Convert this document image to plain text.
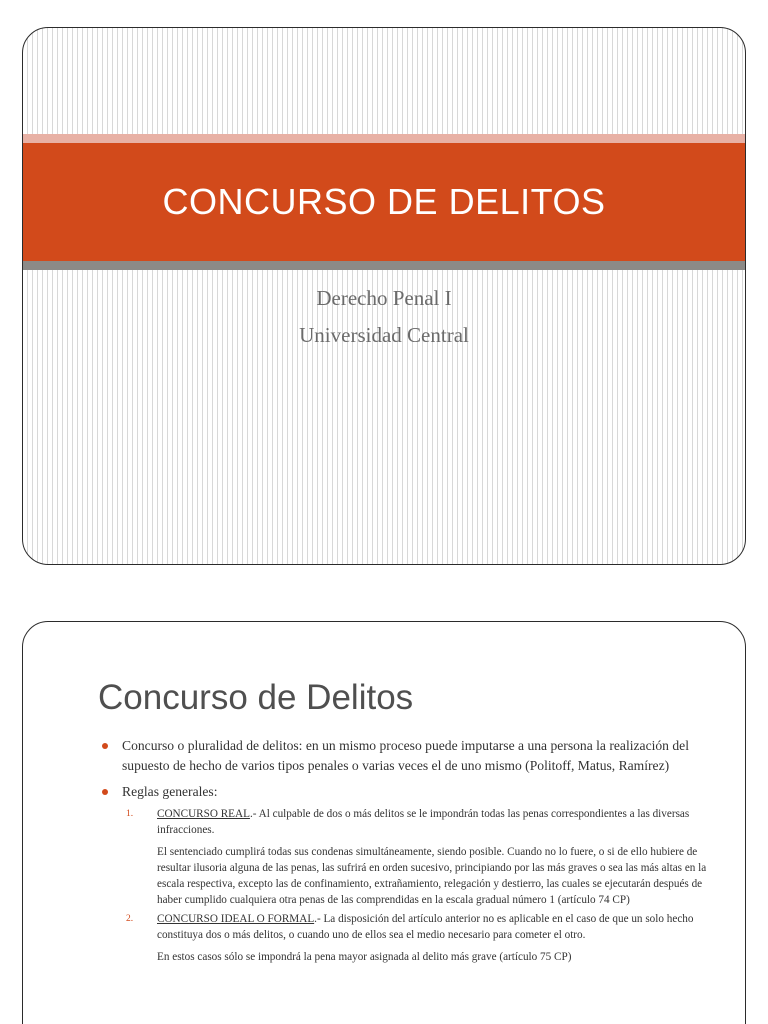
CONCURSO DE DELITOS
Derecho Penal I
Universidad Central
Concurso de Delitos
Concurso o pluralidad de delitos: en un mismo proceso puede imputarse a una persona la realización del supuesto de hecho de varios tipos penales o varias veces el de uno mismo (Politoff, Matus, Ramírez)
Reglas generales:
1. CONCURSO REAL.- Al culpable de dos o más delitos se le impondrán todas las penas correspondientes a las diversas infracciones.
El sentenciado cumplirá todas sus condenas simultáneamente, siendo posible. Cuando no lo fuere, o si de ello hubiere de resultar ilusoria alguna de las penas, las sufrirá en orden sucesivo, principiando por las más graves o sea las más altas en la escala respectiva, excepto las de confinamiento, extrañamiento, relegación y destierro, las cuales se ejecutarán después de haber cumplido cualquiera otra penas de las comprendidas en la escala gradual número 1 (artículo 74 CP)
2. CONCURSO IDEAL O FORMAL.- La disposición del artículo anterior no es aplicable en el caso de que un solo hecho constituya dos o más delitos, o cuando uno de ellos sea el medio necesario para cometer el otro.
En estos casos sólo se impondrá la pena mayor asignada al delito más grave (artículo 75 CP)
